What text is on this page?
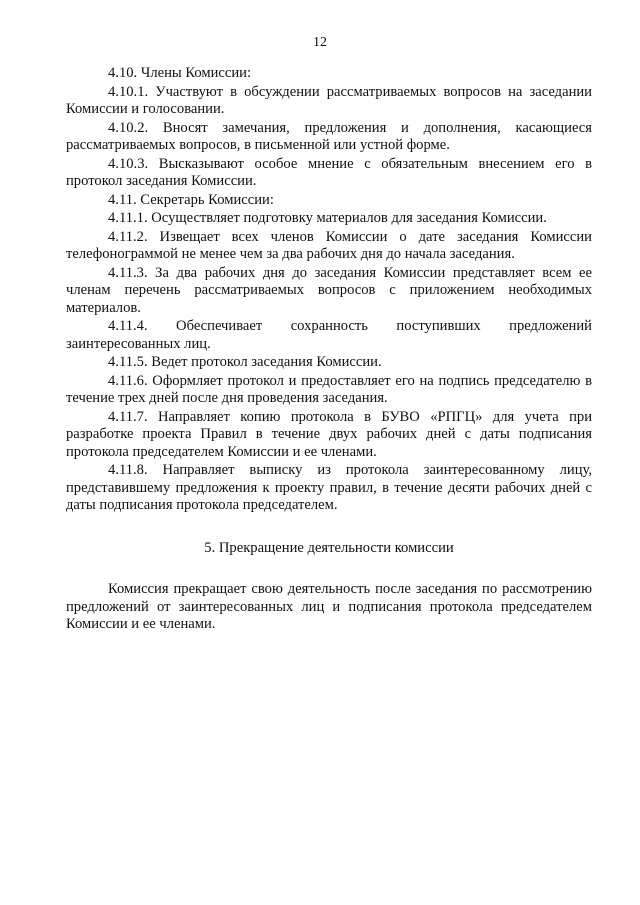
12

4.10. Члены Комиссии:

4.10.1. Участвуют в обсуждении рассматриваемых вопросов на заседании Комиссии и голосовании.

4.10.2. Вносят замечания, предложения и дополнения, касающиеся рассматриваемых вопросов, в письменной или устной форме.

4.10.3. Высказывают особое мнение с обязательным внесением его в протокол заседания Комиссии.

4.11. Секретарь Комиссии:

4.11.1. Осуществляет подготовку материалов для заседания Комиссии.

4.11.2. Извещает всех членов Комиссии о дате заседания Комиссии телефонограммой не менее чем за два рабочих дня до начала заседания.

4.11.3. За два рабочих дня до заседания Комиссии представляет всем ее членам перечень рассматриваемых вопросов с приложением необходимых материалов.

4.11.4. Обеспечивает сохранность поступивших предложений заинтересованных лиц.

4.11.5. Ведет протокол заседания Комиссии.

4.11.6. Оформляет протокол и предоставляет его на подпись председателю в течение трех дней после дня проведения заседания.

4.11.7. Направляет копию протокола в БУВО «РПГЦ» для учета при разработке проекта Правил в течение двух рабочих дней с даты подписания протокола председателем Комиссии и ее членами.

4.11.8. Направляет выписку из протокола заинтересованному лицу, представившему предложения к проекту правил, в течение десяти рабочих дней с даты подписания протокола председателем.

5. Прекращение деятельности комиссии

Комиссия прекращает свою деятельность после заседания по рассмотрению предложений от заинтересованных лиц и подписания протокола председателем Комиссии и ее членами.
